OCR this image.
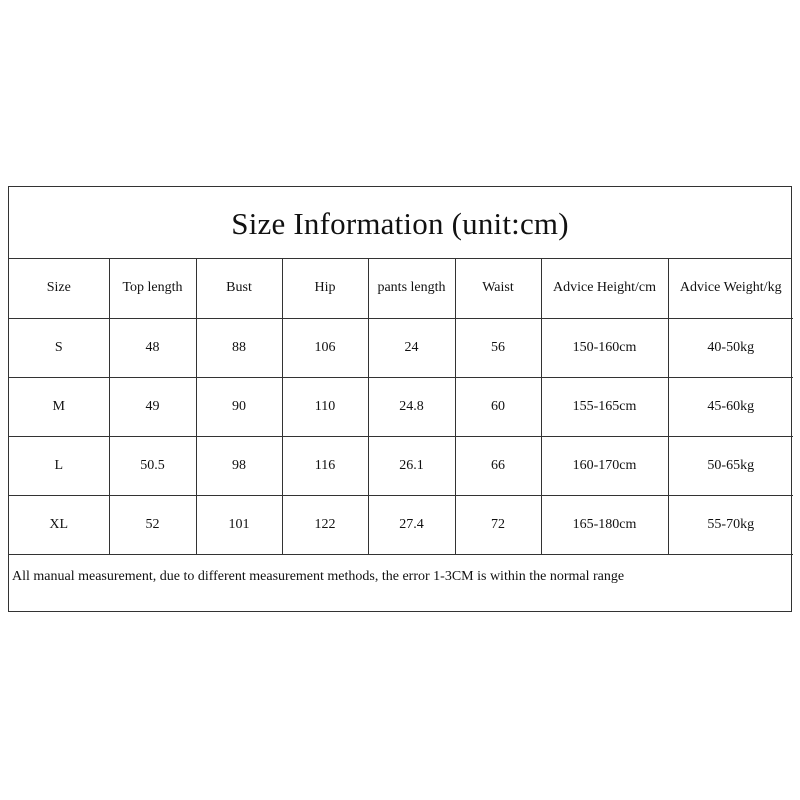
Size Information (unit:cm)
Size	Top length	Bust	Hip	pants length	Waist	Advice Height/cm	Advice Weight/kg
S	48	88	106	24	56	150-160cm	40-50kg
M	49	90	110	24.8	60	155-165cm	45-60kg
L	50.5	98	116	26.1	66	160-170cm	50-65kg
XL	52	101	122	27.4	72	165-180cm	55-70kg
All manual measurement, due to different measurement methods, the error 1-3CM is within the normal range
